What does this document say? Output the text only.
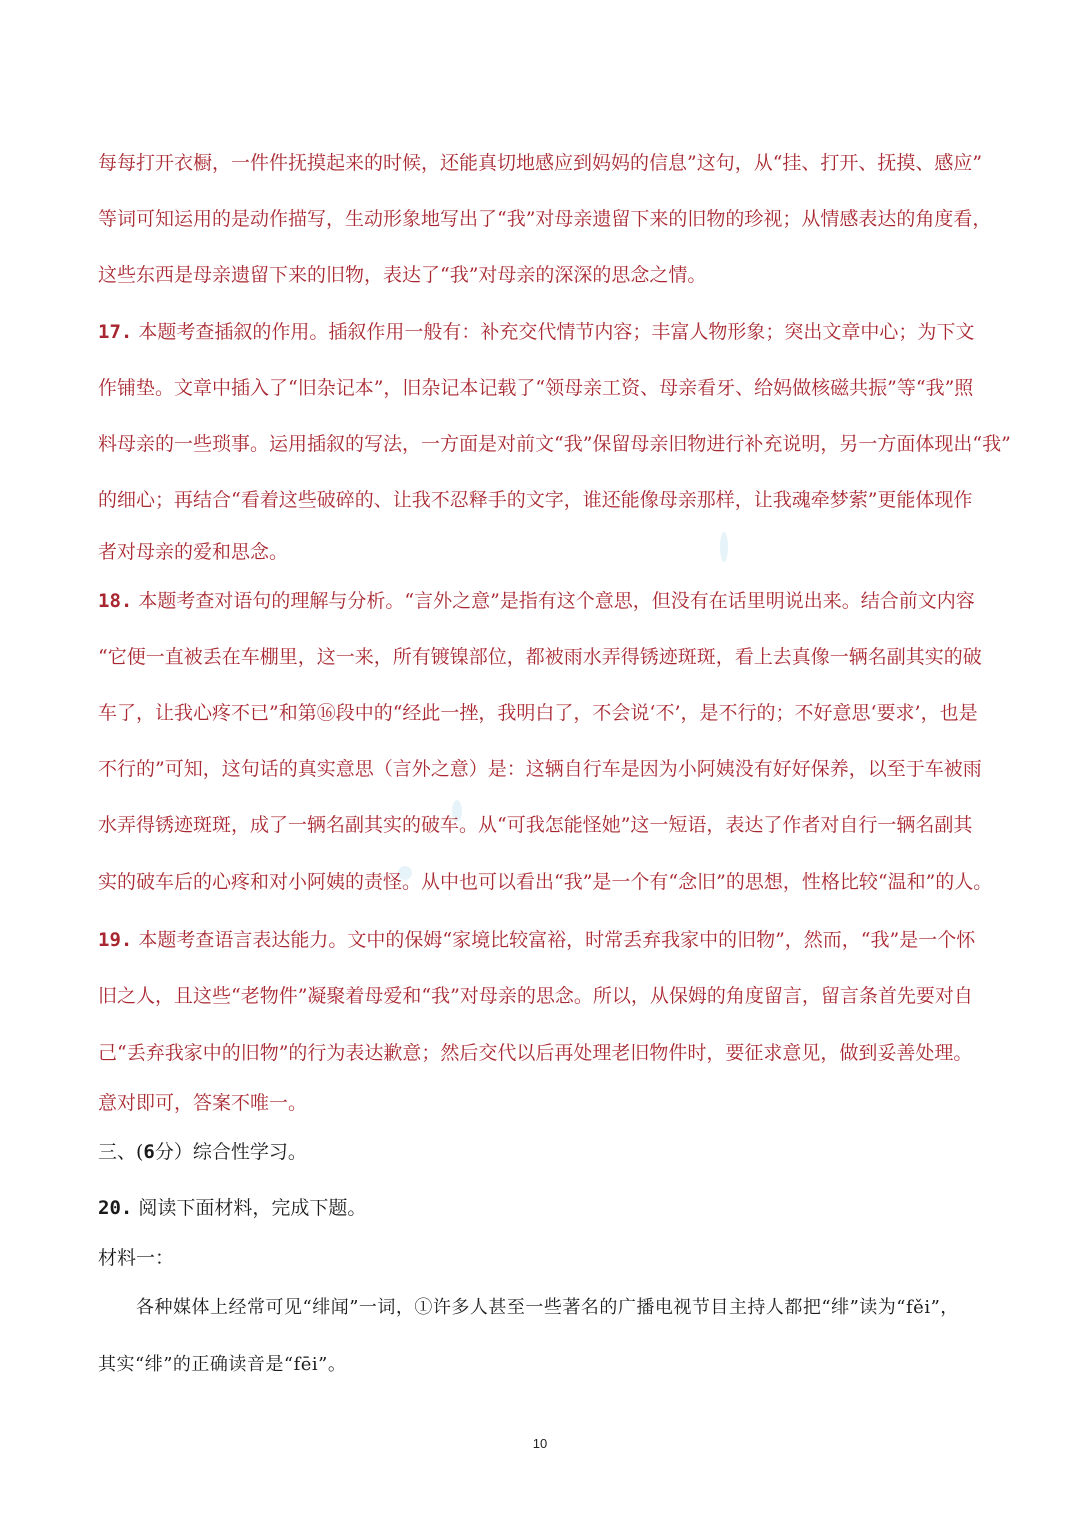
每每打开衣橱，一件件抚摸起来的时候，还能真切地感应到妈妈的信息”这句，从“挂、打开、抚摸、感应”
等词可知运用的是动作描写，生动形象地写出了“我”对母亲遗留下来的旧物的珍视；从情感表达的角度看，
这些东西是母亲遗留下来的旧物，表达了“我”对母亲的深深的思念之情。
17. 本题考查插叙的作用。插叙作用一般有：补充交代情节内容；丰富人物形象；突出文章中心；为下文
作铺垫。文章中插入了“旧杂记本”，旧杂记本记载了“领母亲工资、母亲看牙、给妈做核磁共振”等“我”照
料母亲的一些琐事。运用插叙的写法，一方面是对前文“我”保留母亲旧物进行补充说明，另一方面体现出“我”
的细心；再结合“看着这些破碎的、让我不忍释手的文字，谁还能像母亲那样，让我魂牵梦萦”更能体现作
者对母亲的爱和思念。
18. 本题考查对语句的理解与分析。“言外之意”是指有这个意思，但没有在话里明说出来。结合前文内容
“它便一直被丢在车棚里，这一来，所有镀镍部位，都被雨水弄得锈迹斑斑，看上去真像一辆名副其实的破
车了，让我心疼不已”和第⑯段中的“经此一挫，我明白了，不会说‘不’，是不行的；不好意思‘要求’，也是
不行的”可知，这句话的真实意思（言外之意）是：这辆自行车是因为小阿姨没有好好保养，以至于车被雨
水弄得锈迹斑斑，成了一辆名副其实的破车。从“可我怎能怪她”这一短语，表达了作者对自行一辆名副其
实的破车后的心疼和对小阿姨的责怪。从中也可以看出“我”是一个有“念旧”的思想，性格比较“温和”的人。
19. 本题考查语言表达能力。文中的保姆“家境比较富裕，时常丢弃我家中的旧物”，然而，“我”是一个怀
旧之人，且这些“老物件”凝聚着母爱和“我”对母亲的思念。所以，从保姆的角度留言，留言条首先要对自
己“丢弃我家中的旧物”的行为表达歉意；然后交代以后再处理老旧物件时，要征求意见，做到妥善处理。
意对即可，答案不唯一。
三、(6分）综合性学习。
20. 阅读下面材料，完成下题。
材料一：
各种媒体上经常可见“绯闻”一词，①许多人甚至一些著名的广播电视节目主持人都把“绯”读为“fěi”，
其实“绯”的正确读音是“fēi”。
10
